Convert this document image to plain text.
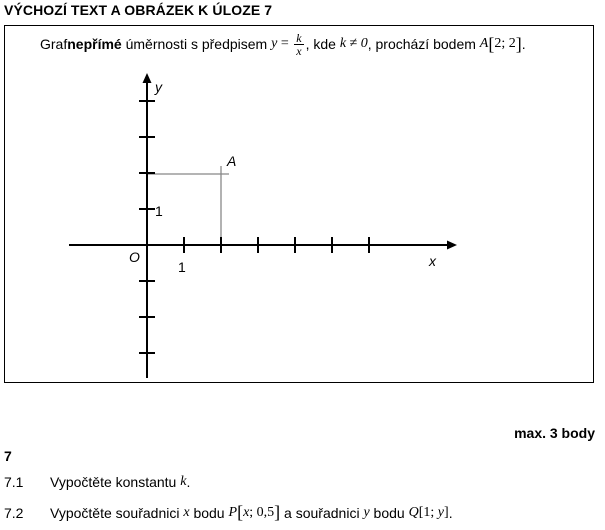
VÝCHOZÍ TEXT A OBRÁZEK K ÚLOZE 7
Graf nepřímé úměrnosti s předpisem $y = \frac{k}{x}$ , kde k ≠ 0 , prochází bodem A [ 2; 2 ] .
y
x
O
1
1
A
max. 3 body
7
7.1	Vypočtěte konstantu k .
7.2	Vypočtěte souřadnici x bodu P [ x ; 0,5 ] a souřadnici y bodu Q [ 1; y ] .
